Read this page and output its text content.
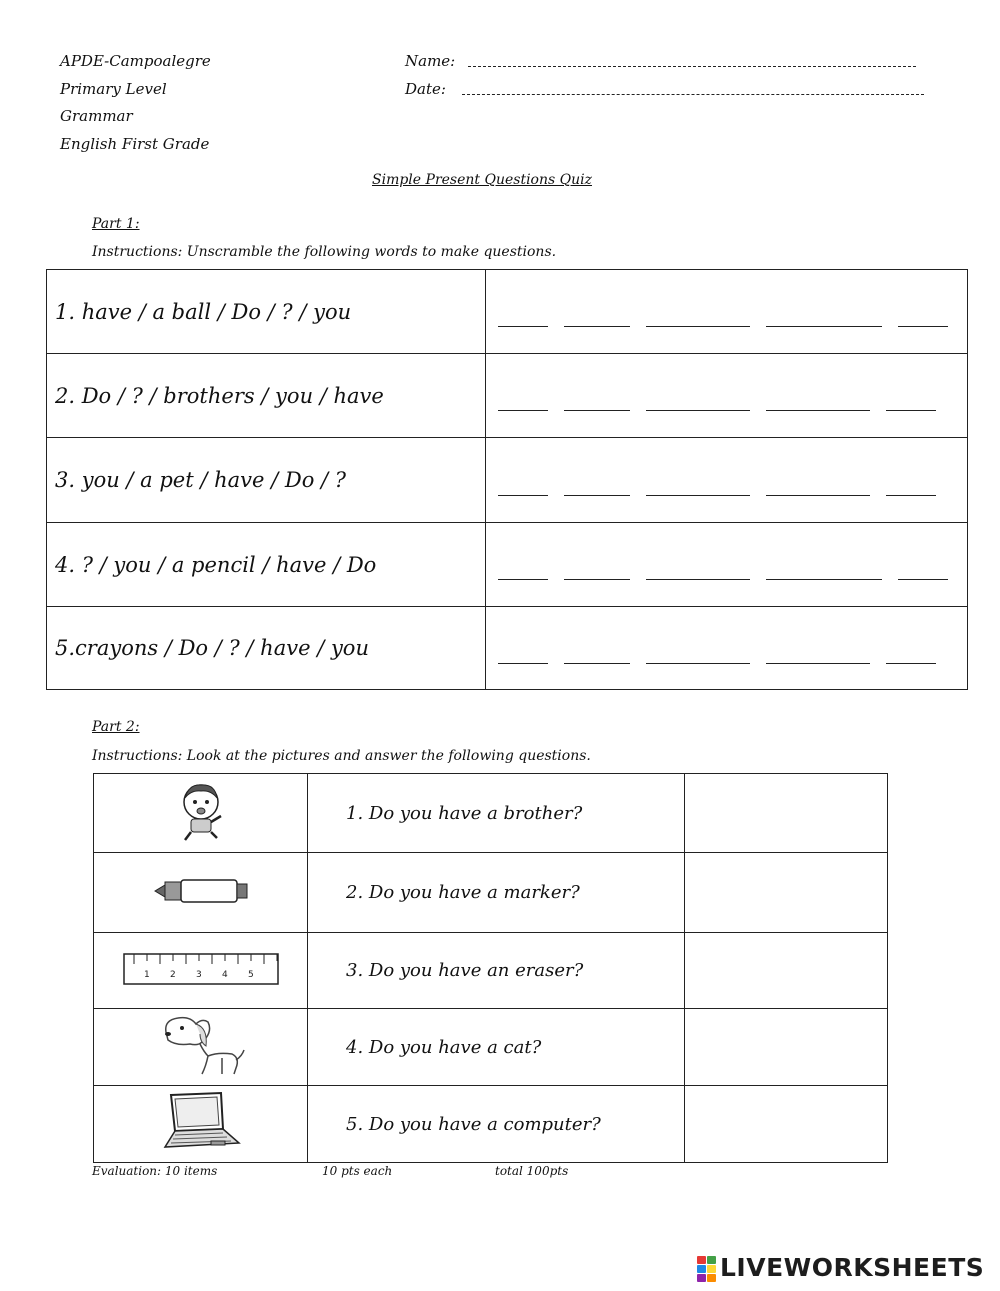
APDE-Campoalegre
Primary Level
Grammar
English First Grade
Name:
Date:
Simple Present Questions Quiz
Part 1:
Instructions: Unscramble the following words to make questions.
1. have / a ball / Do / ? / you	

2. Do / ? / brothers / you / have	

3. you / a pet / have / Do / ?	

4. ? / you / a pencil / have / Do	

5.crayons / Do / ? / have / you	
Part 2:
Instructions: Look at the pictures and answer the following questions.
	1. Do you have a brother?	
	2. Do you have a marker?	

1 2 3 4 5	3. Do you have an eraser?	
	4. Do you have a cat?	
	5. Do you have a computer?	
Evaluation: 10 items	10 pts each	total 100pts
LIVEWORKSHEETS
